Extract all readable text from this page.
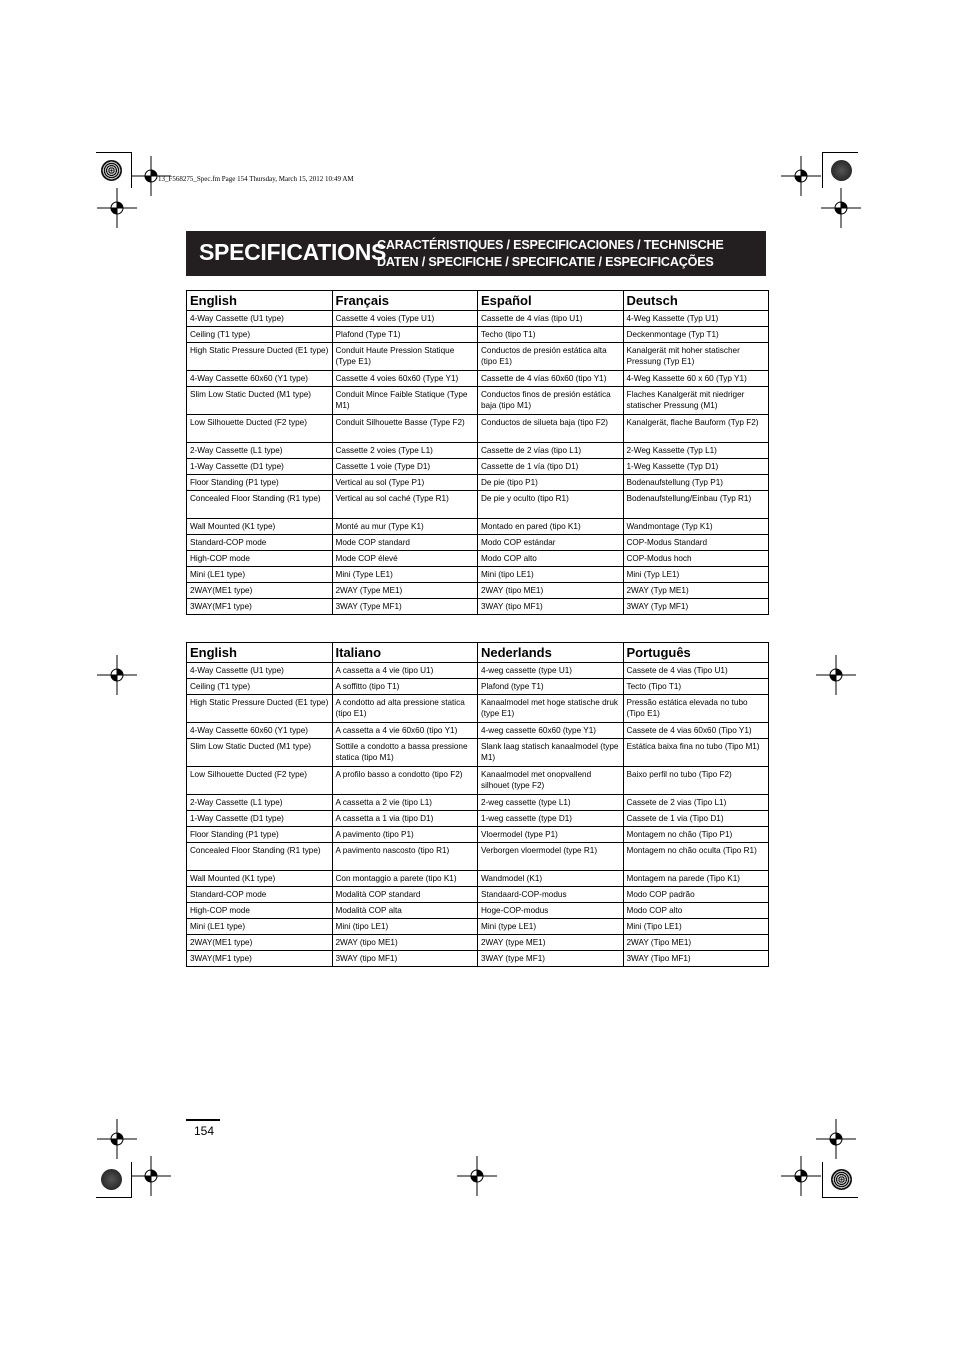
13_F568275_Spec.fm Page 154 Thursday, March 15, 2012 10:49 AM
SPECIFICATIONS
CARACTÉRISTIQUES / ESPECIFICACIONES / TECHNISCHE DATEN / SPECIFICHE / SPECIFICATIE / ESPECIFICAÇÕES
English	Français	Español	Deutsch
4-Way Cassette (U1 type)	Cassette 4 voies (Type U1)	Cassette de 4 vías (tipo U1)	4-Weg Kassette (Typ U1)
Ceiling (T1 type)	Plafond (Type T1)	Techo (tipo T1)	Deckenmontage (Typ T1)
High Static Pressure Ducted (E1 type)	Conduit Haute Pression Statique (Type E1)	Conductos de presión estática alta (tipo E1)	Kanalgerät mit hoher statischer Pressung (Typ E1)
4-Way Cassette 60x60 (Y1 type)	Cassette 4 voies 60x60 (Type Y1)	Cassette de 4 vías 60x60 (tipo Y1)	4-Weg Kassette 60 x 60 (Typ Y1)
Slim Low Static Ducted (M1 type)	Conduit Mince Faible Statique (Type M1)	Conductos finos de presión estática baja (tipo M1)	Flaches Kanalgerät mit niedriger statischer Pressung (M1)
Low Silhouette Ducted (F2 type)	Conduit Silhouette Basse (Type F2)	Conductos de silueta baja (tipo F2)	Kanalgerät, flache Bauform (Typ F2)
2-Way Cassette (L1 type)	Cassette 2 voies (Type L1)	Cassette de 2 vías (tipo L1)	2-Weg Kassette (Typ L1)
1-Way Cassette (D1 type)	Cassette 1 voie (Type D1)	Cassette de 1 vía (tipo D1)	1-Weg Kassette (Typ D1)
Floor Standing (P1 type)	Vertical au sol (Type P1)	De pie (tipo P1)	Bodenaufstellung (Typ P1)
Concealed Floor Standing (R1 type)	Vertical au sol caché (Type R1)	De pie y oculto (tipo R1)	Bodenaufstellung/Einbau (Typ R1)
Wall Mounted (K1 type)	Monté au mur (Type K1)	Montado en pared (tipo K1)	Wandmontage (Typ K1)
Standard-COP mode	Mode COP standard	Modo COP estándar	COP-Modus Standard
High-COP mode	Mode COP élevé	Modo COP alto	COP-Modus hoch
Mini (LE1 type)	Mini (Type LE1)	Mini (tipo LE1)	Mini (Typ LE1)
2WAY(ME1 type)	2WAY (Type ME1)	2WAY (tipo ME1)	2WAY (Typ ME1)
3WAY(MF1 type)	3WAY (Type MF1)	3WAY (tipo MF1)	3WAY (Typ MF1)
English	Italiano	Nederlands	Português
4-Way Cassette (U1 type)	A cassetta a 4 vie (tipo U1)	4-weg cassette (type U1)	Cassete de 4 vias (Tipo U1)
Ceiling (T1 type)	A soffitto (tipo T1)	Plafond (type T1)	Tecto (Tipo T1)
High Static Pressure Ducted (E1 type)	A condotto ad alta pressione statica (tipo E1)	Kanaalmodel met hoge statische druk (type E1)	Pressão estática elevada no tubo (Tipo E1)
4-Way Cassette 60x60 (Y1 type)	A cassetta a 4 vie 60x60 (tipo Y1)	4-weg cassette 60x60 (type Y1)	Cassete de 4 vias 60x60 (Tipo Y1)
Slim Low Static Ducted (M1 type)	Sottile a condotto a bassa pressione statica (tipo M1)	Slank laag statisch kanaalmodel (type M1)	Estática baixa fina no tubo (Tipo M1)
Low Silhouette Ducted (F2 type)	A profilo basso a condotto (tipo F2)	Kanaalmodel met onopvallend silhouet (type F2)	Baixo perfil no tubo (Tipo F2)
2-Way Cassette (L1 type)	A cassetta a 2 vie (tipo L1)	2-weg cassette (type L1)	Cassete de 2 vias (Tipo L1)
1-Way Cassette (D1 type)	A cassetta a 1 via (tipo D1)	1-weg cassette (type D1)	Cassete de 1 via (Tipo D1)
Floor Standing (P1 type)	A pavimento (tipo P1)	Vloermodel (type P1)	Montagem no chão (Tipo P1)
Concealed Floor Standing (R1 type)	A pavimento nascosto (tipo R1)	Verborgen vloermodel (type R1)	Montagem no chão oculta (Tipo R1)
Wall Mounted (K1 type)	Con montaggio a parete (tipo K1)	Wandmodel (K1)	Montagem na parede (Tipo K1)
Standard-COP mode	Modalità COP standard	Standaard-COP-modus	Modo COP padrão
High-COP mode	Modalità COP alta	Hoge-COP-modus	Modo COP alto
Mini (LE1 type)	Mini (tipo LE1)	Mini (type LE1)	Mini (Tipo LE1)
2WAY(ME1 type)	2WAY (tipo ME1)	2WAY (type ME1)	2WAY (Tipo ME1)
3WAY(MF1 type)	3WAY (tipo MF1)	3WAY (type MF1)	3WAY (Tipo MF1)
154
